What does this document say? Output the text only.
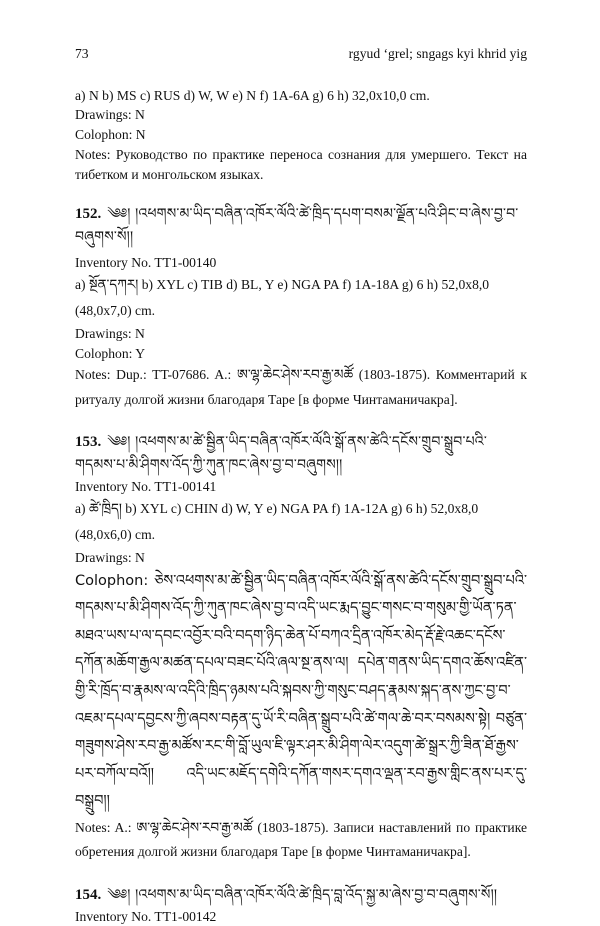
73	rgyud ‘grel; sngags kyi khrid yig

a) N b) MS c) RUS d) W, W e) N f) 1A-6A g) 6 h) 32,0x10,0 cm.

Drawings: N

Colophon: N

Notes: Руководство по практике переноса сознания для умершего. Текст на тибетком и монгольском языках.

152. ༄༅། །འཕགས་མ་ཡིད་བཞིན་འཁོར་ལོའི་ཚེ་ཁྲིད་དཔག་བསམ་ལྗོན་པའི་ཤིང་བ་ཞེས་བྱ་བ་བཞུགས་སོ།།

Inventory No. TT1-00140

a) སྔོན་དཀར། b) XYL c) TIB d) BL, Y e) NGA PA f) 1A-18A g) 6 h) 52,0x8,0 (48,0x7,0) cm.

Drawings: N

Colophon: Y

Notes: Dup.: TT-07686. A.: ཨ་ལྷ་ཆེང་ཤེས་རབ་རྒྱ་མཚོ (1803-1875). Комментарий к ритуалу долгой жизни благодаря Таре [в форме Чинтаманичакра].

153. ༄༅། །འཕགས་མ་ཚེ་སྦྱིན་ཡིད་བཞིན་འཁོར་ལོའི་སྒོ་ནས་ཚེའི་དངོས་གྲུབ་སྒྲུབ་པའི་གདམས་པ་མི་ཤིགས་འོད་ཀྱི་ཀུན་ཁང་ཞེས་བྱ་བ་བཞུགས།།

Inventory No. TT1-00141

a) ཚེ་ཁྲིད། b) XYL c) CHIN d) W, Y e) NGA PA f) 1A-12A g) 6 h) 52,0x8,0 (48,0x6,0) cm.

Drawings: N

Colophon: ཅེས་འཕགས་མ་ཚེ་སྦྱིན་ཡིད་བཞིན་འཁོར་ལོའི་སྒོ་ནས་ཚེའི་དངོས་གྲུབ་སྒྲུབ་པའི་གདམས་པ་མི་ཤིགས་འོད་ཀྱི་ཀུན་ཁང་ཞེས་བྱ་བ་འདི་ཡང་རྨད་བྱུང་གསང་བ་གསུམ་གྱི་ཡོན་ཏན་མཐའ་ཡས་པ་ལ་དབང་འབྱོར་བའི་བདག་ཉིད་ཆེན་པོ་བཀའ་དྲིན་འཁོར་མེད་རྡོ་རྗེ་འཆང་དངོས་དཀོན་མཆོག་རྒྱལ་མཚན་དཔལ་བཟང་པོའི་ཞལ་སྔ་ནས་ལ། དཔེན་གནས་ཡིད་དགའ་ཆོས་འཛིན་གྱི་རི་ཁྲོད་བ་རྣམས་ལ་འདིའི་ཁྲིད་ཉམས་པའི་སྐབས་ཀྱི་གསུང་བཤད་རྣམས་སྐད་ནས་ཀྱང་བྱ་བ་འཇམ་དཔལ་དབྱངས་ཀྱི་ཞབས་བརྟན་དུ་ཡོ་རི་བཞིན་སྒྲུབ་པའི་ཚེ་གལ་ཆེ་བར་བསམས་སྟེ། བཙུན་གཟུགས་ཤེས་རབ་རྒྱ་མཚོས་རང་གི་བློ་ཡུལ་ཇི་ལྟར་ཤར་མི་ཤིག་ལེར་འདུག་ཚེ་སྒྲར་ཀྱི་ཟིན་ཐོ་རྒྱས་པར་བཀོལ་བའོ།། འདི་ཡང་མཇོད་དགེའི་དཀོན་གསར་དགའ་ལྡན་རབ་རྒྱས་གླིང་ནས་པར་དུ་བསྒྲུབ།།

Notes: A.: ཨ་ལྷ་ཆེང་ཤེས་རབ་རྒྱ་མཚོ (1803-1875). Записи наставлений по практике обретения долгой жизни благодаря Таре [в форме Чинтаманичакра].

154. ༄༅། །འཕགས་མ་ཡིད་བཞིན་འཁོར་ལོའི་ཚེ་ཁྲིད་བླ་འོད་སྐྱ་མ་ཞེས་བྱ་བ་བཞུགས་སོ།།

Inventory No. TT1-00142
